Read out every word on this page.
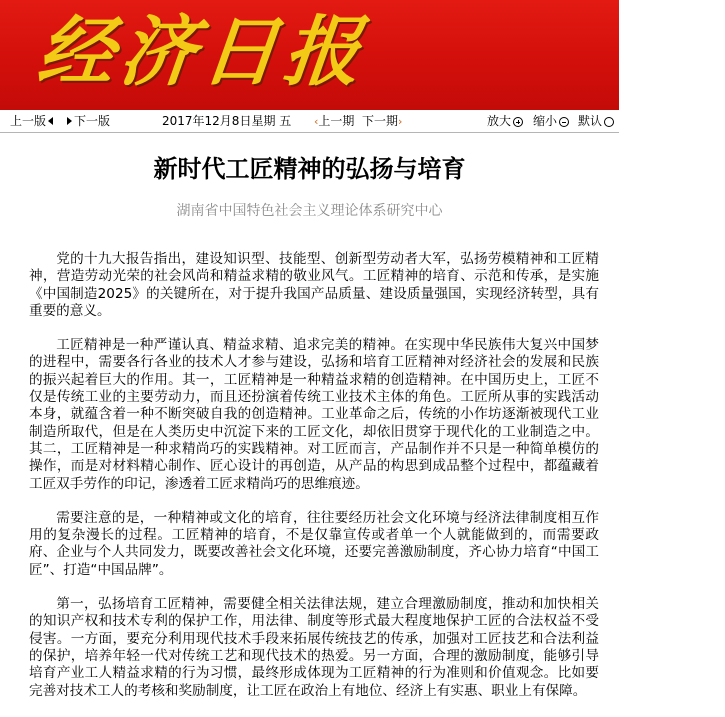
经济日报
上一版	下一版	2017年12月8日星期 五 ‹上一期 下一期›	放大	缩小	默认
新时代工匠精神的弘扬与培育
湖南省中国特色社会主义理论体系研究中心

党的十九大报告指出，建设知识型、技能型、创新型劳动者大军，弘扬劳模精神和工匠精神，营造劳动光荣的社会风尚和精益求精的敬业风气。工匠精神的培育、示范和传承，是实施《中国制造2025》的关键所在，对于提升我国产品质量、建设质量强国，实现经济转型，具有重要的意义。

工匠精神是一种严谨认真、精益求精、追求完美的精神。在实现中华民族伟大复兴中国梦的进程中，需要各行各业的技术人才参与建设，弘扬和培育工匠精神对经济社会的发展和民族的振兴起着巨大的作用。其一，工匠精神是一种精益求精的创造精神。在中国历史上，工匠不仅是传统工业的主要劳动力，而且还扮演着传统工业技术主体的角色。工匠所从事的实践活动本身，就蕴含着一种不断突破自我的创造精神。工业革命之后，传统的小作坊逐渐被现代工业制造所取代，但是在人类历史中沉淀下来的工匠文化，却依旧贯穿于现代化的工业制造之中。其二，工匠精神是一种求精尚巧的实践精神。对工匠而言，产品制作并不只是一种简单模仿的操作，而是对材料精心制作、匠心设计的再创造，从产品的构思到成品整个过程中，都蕴藏着工匠双手劳作的印记，渗透着工匠求精尚巧的思维痕迹。

需要注意的是，一种精神或文化的培育，往往要经历社会文化环境与经济法律制度相互作用的复杂漫长的过程。工匠精神的培育，不是仅靠宣传或者单一个人就能做到的，而需要政府、企业与个人共同发力，既要改善社会文化环境，还要完善激励制度，齐心协力培育“中国工匠”、打造“中国品牌”。

第一，弘扬培育工匠精神，需要健全相关法律法规，建立合理激励制度，推动和加快相关的知识产权和技术专利的保护工作，用法律、制度等形式最大程度地保护工匠的合法权益不受侵害。一方面，要充分利用现代技术手段来拓展传统技艺的传承，加强对工匠技艺和合法利益的保护，培养年轻一代对传统工艺和现代技术的热爱。另一方面，合理的激励制度，能够引导培育产业工人精益求精的行为习惯，最终形成体现为工匠精神的行为准则和价值观念。比如要完善对技术工人的考核和奖励制度，让工匠在政治上有地位、经济上有实惠、职业上有保障。
